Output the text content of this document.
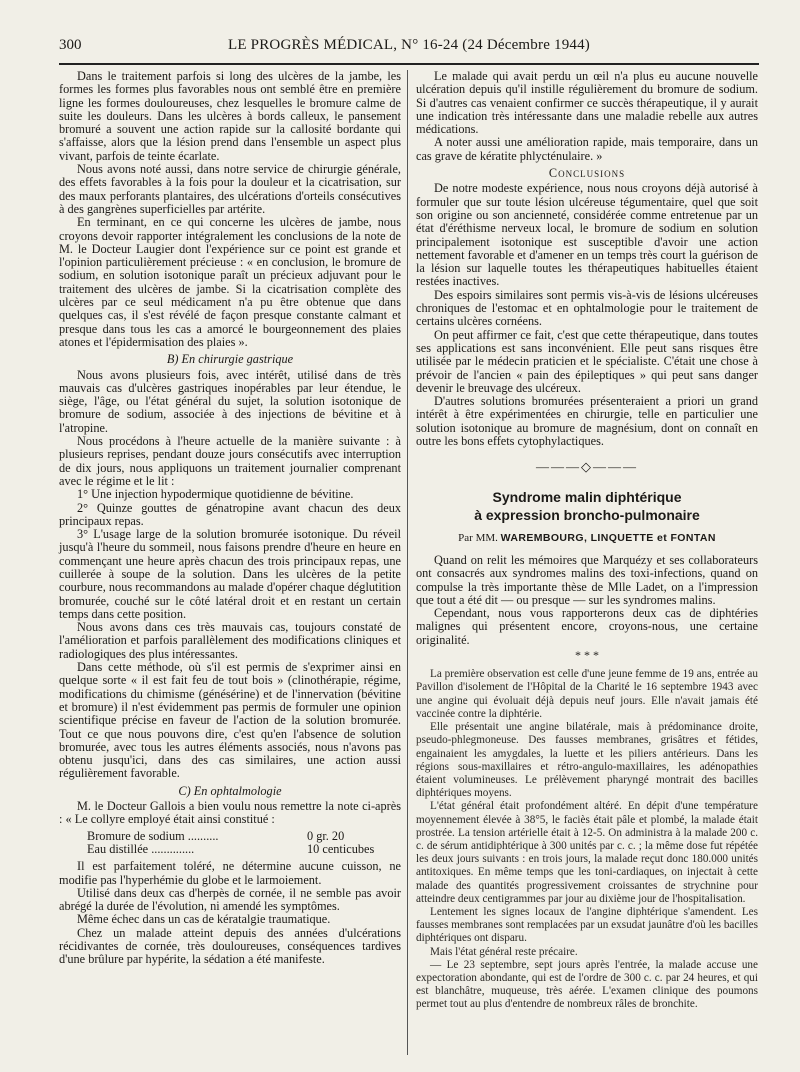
300	LE PROGRÈS MÉDICAL, N° 16-24 (24 Décembre 1944)

Dans le traitement parfois si long des ulcères de la jambe, les formes les formes plus favorables nous ont semblé être en première ligne les formes douloureuses, chez lesquelles le bromure calme de suite les douleurs. Dans les ulcères à bords calleux, le pansement bromuré a souvent une action rapide sur la callosité bordante qui s'affaisse, alors que la lésion prend dans l'ensemble un aspect plus vivant, parfois de teinte écarlate.

Nous avons noté aussi, dans notre service de chirurgie générale, des effets favorables à la fois pour la douleur et la cicatrisation, sur des maux perforants plantaires, des ulcérations d'orteils consécutives à des gangrènes superficielles par artérite.

En terminant, en ce qui concerne les ulcères de jambe, nous croyons devoir rapporter intégralement les conclusions de la note de M. le Docteur Laugier dont l'expérience sur ce point est grande et l'opinion particulièrement précieuse : « en conclusion, le bromure de sodium, en solution isotonique paraît un précieux adjuvant pour le traitement des ulcères de jambe. Si la cicatrisation complète des ulcères par ce seul médicament n'a pu être obtenue que dans quelques cas, il s'est révélé de façon presque constante calmant et presque dans tous les cas a amorcé le bourgeonnement des plaies atones et l'épidermisation des plaies ».

B) En chirurgie gastrique

Nous avons plusieurs fois, avec intérêt, utilisé dans de très mauvais cas d'ulcères gastriques inopérables par leur étendue, le siège, l'âge, ou l'état général du sujet, la solution isotonique de bromure de sodium, associée à des injections de bévitine et à l'atropine.

Nous procédons à l'heure actuelle de la manière suivante : à plusieurs reprises, pendant douze jours consécutifs avec interruption de dix jours, nous appliquons un traitement journalier comprenant avec le régime et le lit :

1° Une injection hypodermique quotidienne de bévitine.

2° Quinze gouttes de génatropine avant chacun des deux principaux repas.

3° L'usage large de la solution bromurée isotonique. Du réveil jusqu'à l'heure du sommeil, nous faisons prendre d'heure en heure en commençant une heure après chacun des trois principaux repas, une cuillerée à soupe de la solution. Dans les ulcères de la petite courbure, nous recommandons au malade d'opérer chaque déglutition bromurée, couché sur le côté latéral droit et en restant un certain temps dans cette position.

Nous avons dans ces très mauvais cas, toujours constaté de l'amélioration et parfois parallèlement des modifications cliniques et radiologiques des plus intéressantes.

Dans cette méthode, où s'il est permis de s'exprimer ainsi en quelque sorte « il est fait feu de tout bois » (clinothérapie, régime, modifications du chimisme (génésérine) et de l'innervation (bévitine et bromure) il n'est évidemment pas permis de formuler une opinion scientifique précise en faveur de l'action de la solution bromurée. Tout ce que nous pouvons dire, c'est qu'en l'absence de solution bromurée, avec tous les autres éléments associés, nous n'avons pas obtenu jusqu'ici, dans des cas similaires, une action aussi régulièrement favorable.

C) En ophtalmologie

M. le Docteur Gallois a bien voulu nous remettre la note ci-après : « Le collyre employé était ainsi constitué :

Bromure de sodium ..........	0 gr. 20
Eau distillée ..............	10 centicubes

Il est parfaitement toléré, ne détermine aucune cuisson, ne modifie pas l'hyperhémie du globe et le larmoiement.

Utilisé dans deux cas d'herpès de cornée, il ne semble pas avoir abrégé la durée de l'évolution, ni amendé les symptômes.

Même échec dans un cas de kératalgie traumatique.

Chez un malade atteint depuis des années d'ulcérations récidivantes de cornée, très douloureuses, conséquences tardives d'une brûlure par hypérite, la sédation a été manifeste.

Le malade qui avait perdu un œil n'a plus eu aucune nouvelle ulcération depuis qu'il instille régulièrement du bromure de sodium. Si d'autres cas venaient confirmer ce succès thérapeutique, il y aurait une indication très intéressante dans une maladie rebelle aux autres médications.

A noter aussi une amélioration rapide, mais temporaire, dans un cas grave de kératite phlycténulaire. »

Conclusions

De notre modeste expérience, nous nous croyons déjà autorisé à formuler que sur toute lésion ulcéreuse tégumentaire, quel que soit son origine ou son ancienneté, considérée comme entretenue par un état d'éréthisme nerveux local, le bromure de sodium en solution principalement isotonique est susceptible d'avoir une action nettement favorable et d'amener en un temps très court la guérison de la lésion sur laquelle toutes les thérapeutiques habituelles étaient restées inactives.

Des espoirs similaires sont permis vis-à-vis de lésions ulcéreuses chroniques de l'estomac et en ophtalmologie pour le traitement de certains ulcères cornéens.

On peut affirmer ce fait, c'est que cette thérapeutique, dans toutes ses applications est sans inconvénient. Elle peut sans risques être utilisée par le médecin praticien et le spécialiste. C'était une chose à prévoir de l'ancien « pain des épileptiques » qui peut sans danger devenir le breuvage des ulcéreux.

D'autres solutions bromurées présenteraient a priori un grand intérêt à être expérimentées en chirurgie, telle en particulier une solution isotonique au bromure de magnésium, dont on connaît en outre les bons effets cytophylactiques.

———◇———
Syndrome malin diphtérique
à expression broncho-pulmonaire
Par MM. WAREMBOURG, LINQUETTE et FONTAN

Quand on relit les mémoires que Marquézy et ses collaborateurs ont consacrés aux syndromes malins des toxi-infections, quand on compulse la très importante thèse de Mlle Ladet, on a l'impression que tout a été dit — ou presque — sur les syndromes malins.

Cependant, nous vous rapporterons deux cas de diphtéries malignes qui présentent encore, croyons-nous, une certaine originalité.

* * *

La première observation est celle d'une jeune femme de 19 ans, entrée au Pavillon d'isolement de l'Hôpital de la Charité le 16 septembre 1943 avec une angine qui évoluait déjà depuis neuf jours. Elle n'avait jamais été vaccinée contre la diphtérie.

Elle présentait une angine bilatérale, mais à prédominance droite, pseudo-phlegmoneuse. Des fausses membranes, grisâtres et fétides, engainaient les amygdales, la luette et les piliers antérieurs. Dans les régions sous-maxillaires et rétro-angulo-maxillaires, les adénopathies étaient volumineuses. Le prélèvement pharyngé montrait des bacilles diphtériques moyens.

L'état général était profondément altéré. En dépit d'une température moyennement élevée à 38°5, le faciès était pâle et plombé, la malade était prostrée. La tension artérielle était à 12-5. On administra à la malade 200 c. c. de sérum antidiphtérique à 300 unités par c. c. ; la même dose fut répétée les deux jours suivants : en trois jours, la malade reçut donc 180.000 unités antitoxiques. En même temps que les toni-cardiaques, on injectait à cette malade des quantités progressivement croissantes de strychnine pour atteindre deux centigrammes par jour au dixième jour de l'hospitalisation.

Lentement les signes locaux de l'angine diphtérique s'amendent. Les fausses membranes sont remplacées par un exsudat jaunâtre d'où les bacilles diphtériques ont disparu.

Mais l'état général reste précaire.

— Le 23 septembre, sept jours après l'entrée, la malade accuse une expectoration abondante, qui est de l'ordre de 300 c. c. par 24 heures, et qui est blanchâtre, muqueuse, très aérée. L'examen clinique des poumons permet tout au plus d'entendre de nombreux râles de bronchite.
